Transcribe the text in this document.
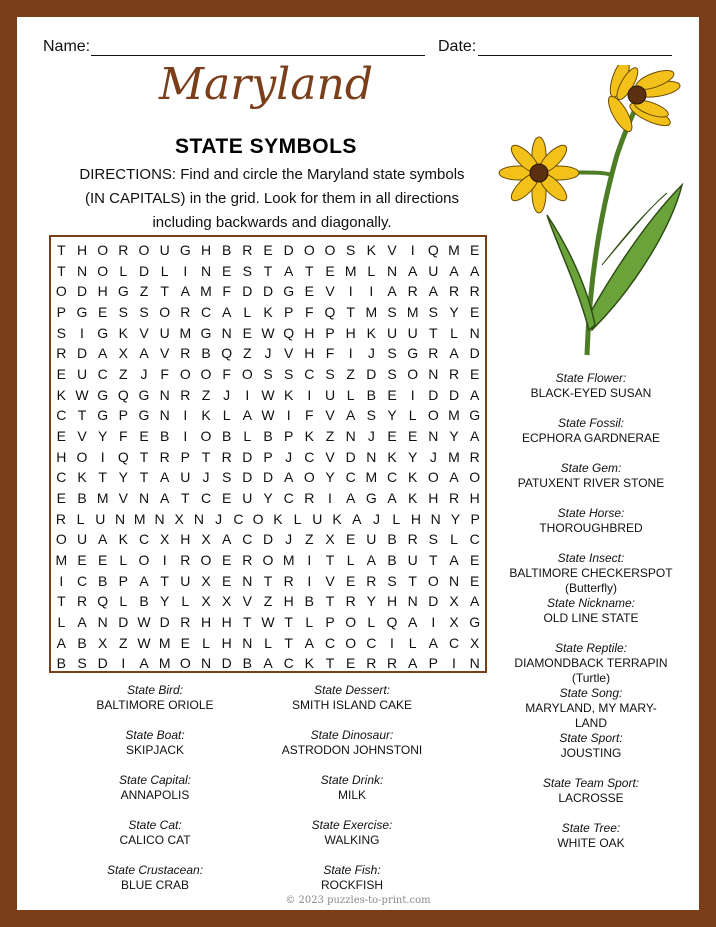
Name:	Date:
Maryland
STATE SYMBOLS
DIRECTIONS: Find and circle the Maryland state symbols (IN CAPITALS) in the grid. Look for them in all directions including backwards and diagonally.
T H O R O U G H B R E D O O S K V	I Q M E
T N O L D L	I N E S T A T E M L N A U A A
O D H G Z T A M F D D G E V	I	I	A R A R R
P G E S S O R C A L K P F Q T M S M S Y E
S	I G K V U M G N E W Q H P H K U U T L N
R D A X A V R B Q Z J V H F	I	J S G R A D
E U C Z J F O O F O S S C S Z D S O N R E
K W G Q G N R Z J	I W K	I U L B E	I D D A
C T G P G N I	K L A W I	F V A S Y L O M G
E V Y F E B	I O B L B P K Z N J E E N Y A
H O I Q T R P T R D P J C V D N K Y J M R
C K T Y T A U J S D D A O Y C M C K O A O
E B M V N A T C E U Y C R I	A G A K H R H
R L U N M N X N J C O K L U K A J L H N Y P
O U A K C X H X A C D J Z X E U B R S L C
M E E L O I R O E R O M I	T L A B U T A E
I C B P A T U X E N T R I	V E R S T O N E
T R Q L B Y L X X V Z H B T R Y H N D X A
L A N D W D R H H T W T L P O L Q A	I	X G
A B X Z W M E L H N L T A C O C I	L A C X
B S D I	A M O N D B A C K T E R R A P	I N
State Bird:
BALTIMORE ORIOLE
State Boat:
SKIPJACK
State Capital:
ANNAPOLIS
State Cat:
CALICO CAT
State Crustacean:
BLUE CRAB
State Dessert:
SMITH ISLAND CAKE
State Dinosaur:
ASTRODON JOHNSTONI
State Drink:
MILK
State Exercise:
WALKING
State Fish:
ROCKFISH
State Flower:
BLACK-EYED SUSAN
State Fossil:
ECPHORA GARDNERAE
State Gem:
PATUXENT RIVER STONE
State Horse:
THOROUGHBRED
State Insect:
BALTIMORE CHECKERSPOT
(Butterfly)
State Nickname:
OLD LINE STATE
State Reptile:
DIAMONDBACK TERRAPIN
(Turtle)
State Song:
MARYLAND, MY MARY-
LAND
State Sport:
JOUSTING
State Team Sport:
LACROSSE
State Tree:
WHITE OAK
© 2023 puzzles-to-print.com
